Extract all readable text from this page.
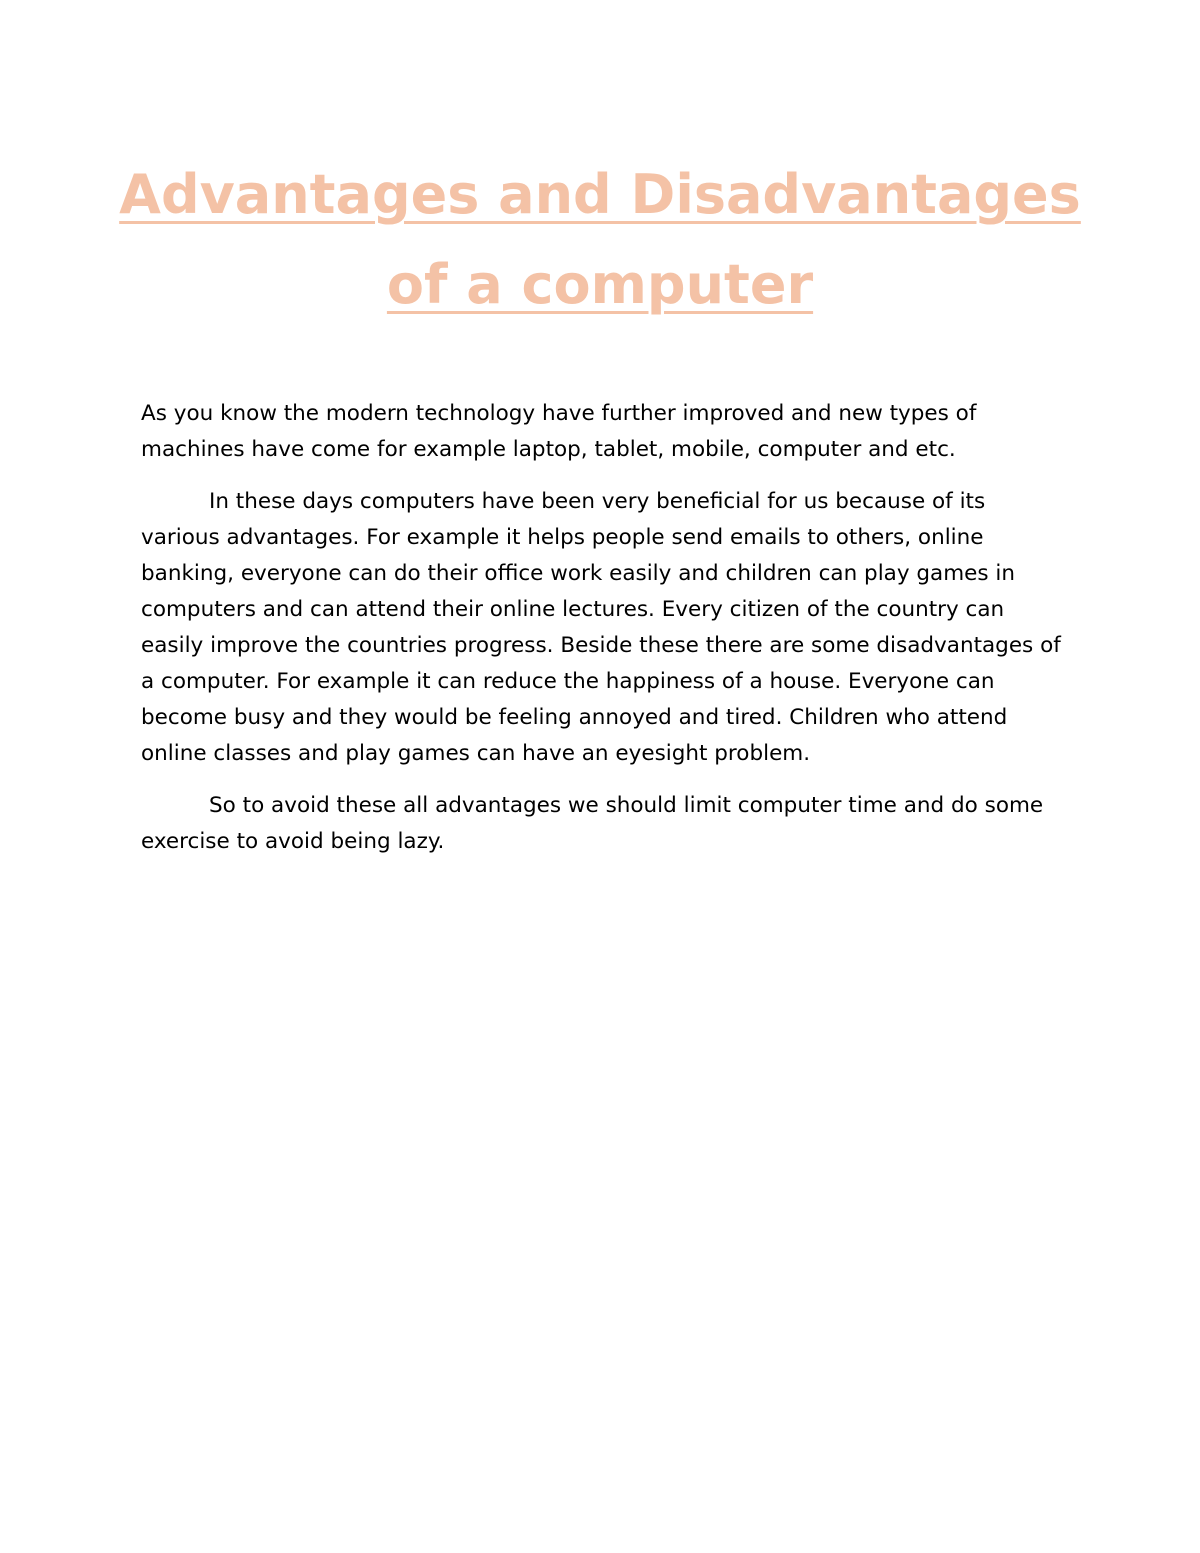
Advantages and Disadvantages
of a computer

As you know the modern technology have further improved and new types of machines have come for example laptop, tablet, mobile, computer and etc.

In these days computers have been very beneficial for us because of its various advantages. For example it helps people send emails to others, online banking, everyone can do their office work easily and children can play games in computers and can attend their online lectures. Every citizen of the country can easily improve the countries progress. Beside these there are some disadvantages of a computer. For example it can reduce the happiness of a house. Everyone can become busy and they would be feeling annoyed and tired. Children who attend online classes and play games can have an eyesight problem.

So to avoid these all advantages we should limit computer time and do some exercise to avoid being lazy.
